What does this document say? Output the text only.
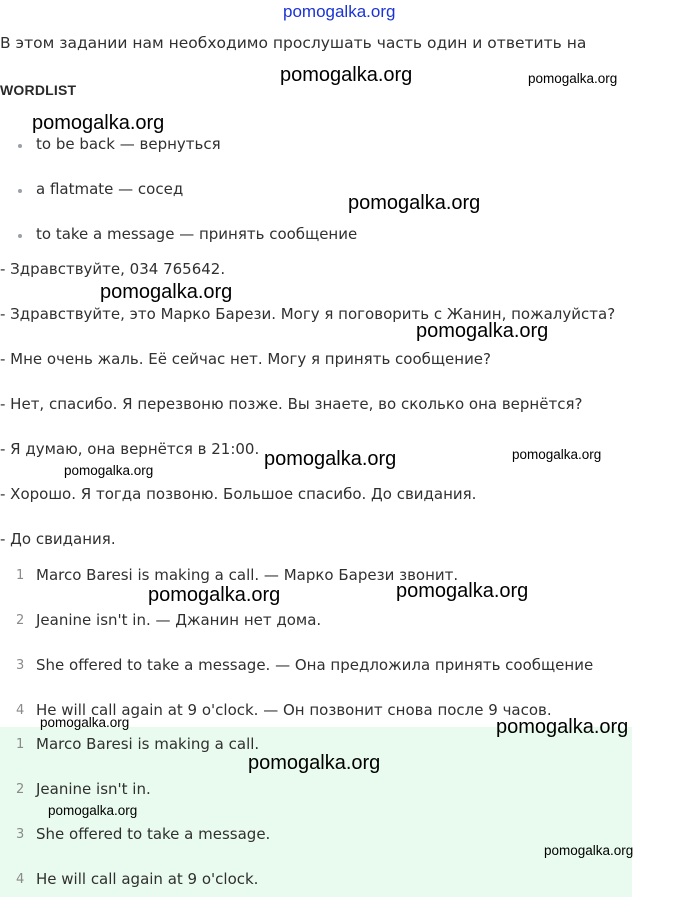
pomogalka.org
В этом задании нам необходимо прослушать часть один и ответить на
WORDLIST
to be back — вернуться
a flatmate — сосед
to take a message — принять сообщение
- Здравствуйте, 034 765642.
- Здравствуйте, это Марко Барези. Могу я поговорить с Жанин, пожалуйста?
- Мне очень жаль. Её сейчас нет. Могу я принять сообщение?
- Нет, спасибо. Я перезвоню позже. Вы знаете, во сколько она вернётся?
- Я думаю, она вернётся в 21:00.
- Хорошо. Я тогда позвоню. Большое спасибо. До свидания.
- До свидания.
1 Marco Baresi is making a call. — Марко Барези звонит.
2 Jeanine isn't in. — Джанин нет дома.
3 She offered to take a message. — Она предложила принять сообщение
4 He will call again at 9 o'clock. — Он позвонит снова после 9 часов.
1 Marco Baresi is making a call.
2 Jeanine isn't in.
3 She offered to take a message.
4 He will call again at 9 o'clock.
pomogalka.org	pomogalka.org
pomogalka.org
pomogalka.org
pomogalka.org
pomogalka.org
pomogalka.org	pomogalka.org
pomogalka.org
pomogalka.org	pomogalka.org
pomogalka.org	pomogalka.org
pomogalka.org
pomogalka.org
pomogalka.org
